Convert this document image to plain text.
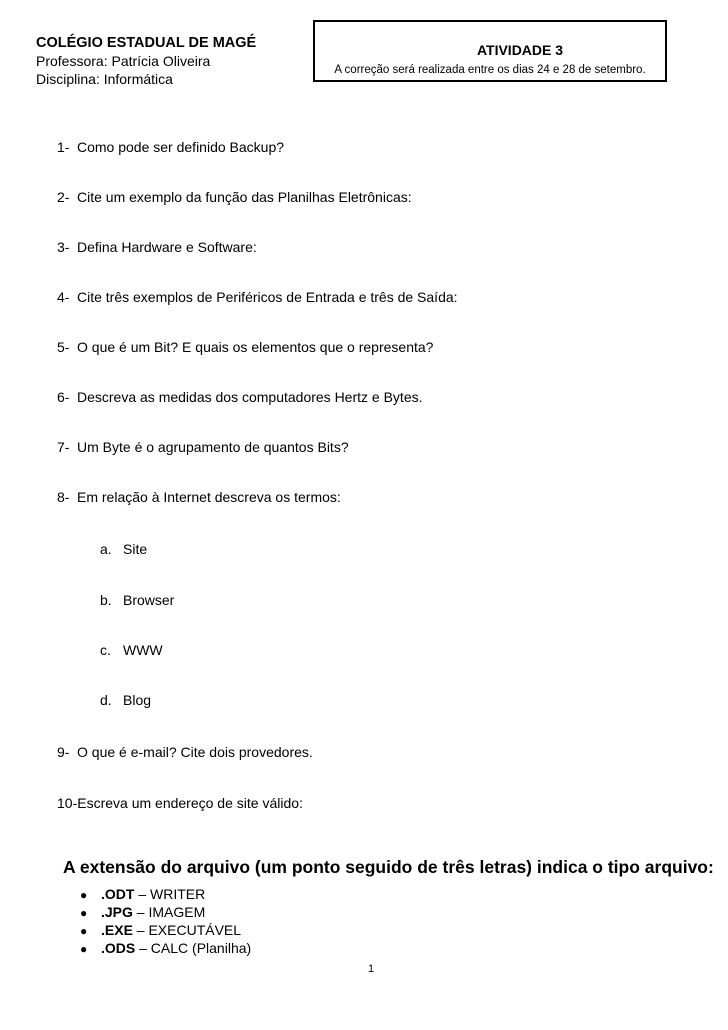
COLÉGIO ESTADUAL DE MAGÉ
Professora: Patrícia Oliveira
Disciplina: Informática
ATIVIDADE 3
A correção será realizada entre os dias 24 e 28 de setembro.
1- Como pode ser definido Backup?
2- Cite um exemplo da função das Planilhas Eletrônicas:
3- Defina Hardware e Software:
4- Cite três exemplos de Periféricos de Entrada e três de Saída:
5- O que é um Bit? E quais os elementos que o representa?
6- Descreva as medidas dos computadores Hertz e Bytes.
7- Um Byte é o agrupamento de quantos Bits?
8- Em relação à Internet descreva os termos:
a. Site
b. Browser
c. WWW
d. Blog
9- O que é e-mail? Cite dois provedores.
10-Escreva um endereço de site válido:
A extensão do arquivo (um ponto seguido de três letras) indica o tipo arquivo:
● .ODT – WRITER
● .JPG – IMAGEM
● .EXE – EXECUTÁVEL
● .ODS – CALC (Planilha)
1
